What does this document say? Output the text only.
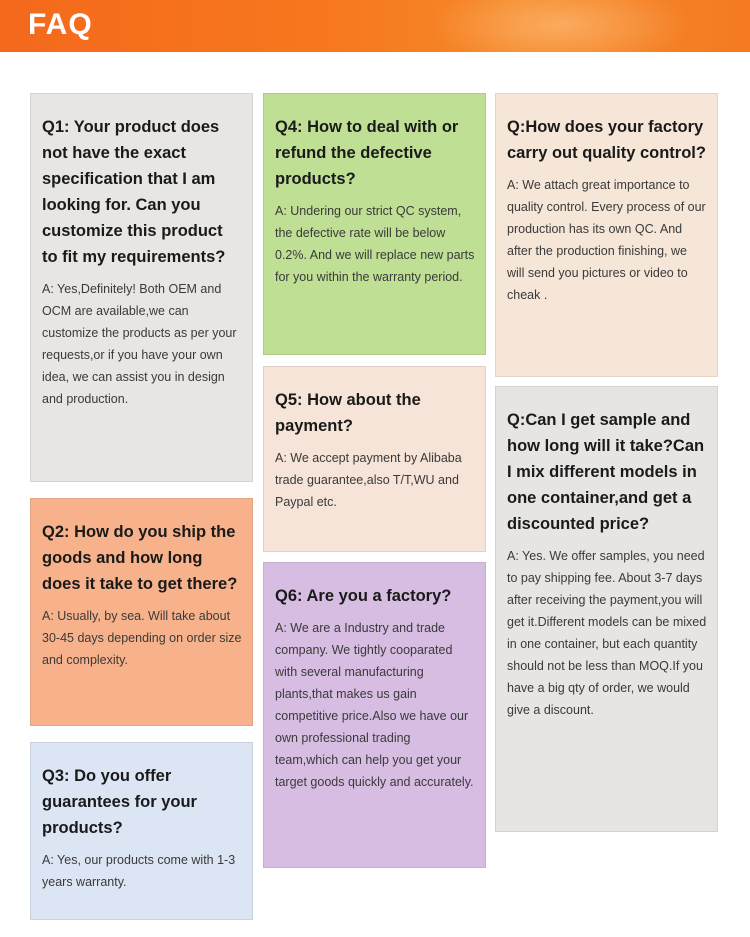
FAQ
Q1: Your product does not have the exact specification that I am looking for. Can you customize this product to fit my requirements?
A: Yes,Definitely! Both OEM and OCM are available,we can customize the products as per your requests,or if you have your own idea, we can assist you in design and production.
Q2: How do you ship the goods and how long does it take to get there?
A: Usually, by sea. Will take about 30-45 days depending on order size and complexity.
Q3: Do you offer guarantees for your products?
A: Yes, our products come with 1-3 years warranty.
Q4: How to deal with or refund the defective products?
A: Undering our strict QC system, the defective rate will be below 0.2%. And we will replace new parts for you within the warranty period.
Q5: How about the payment?
A: We accept payment by Alibaba trade guarantee,also T/T,WU and Paypal etc.
Q6: Are you a factory?
A: We are a Industry and trade company. We tightly cooparated with several manufacturing plants,that makes us gain competitive price.Also we have our own professional trading team,which can help you get your target goods quickly and accurately.
Q:How does your factory carry out quality control?
A: We attach great importance to quality control. Every process of our production has its own QC. And after the production finishing, we will send you pictures or video to cheak .
Q:Can I get sample and how long will it take?Can I mix different models in one container,and get a discounted price?
A: Yes. We offer samples, you need to pay shipping fee. About 3-7 days after receiving the payment,you will get it.Different models can be mixed in one container, but each quantity should not be less than MOQ.If you have a big qty of order, we would give a discount.
